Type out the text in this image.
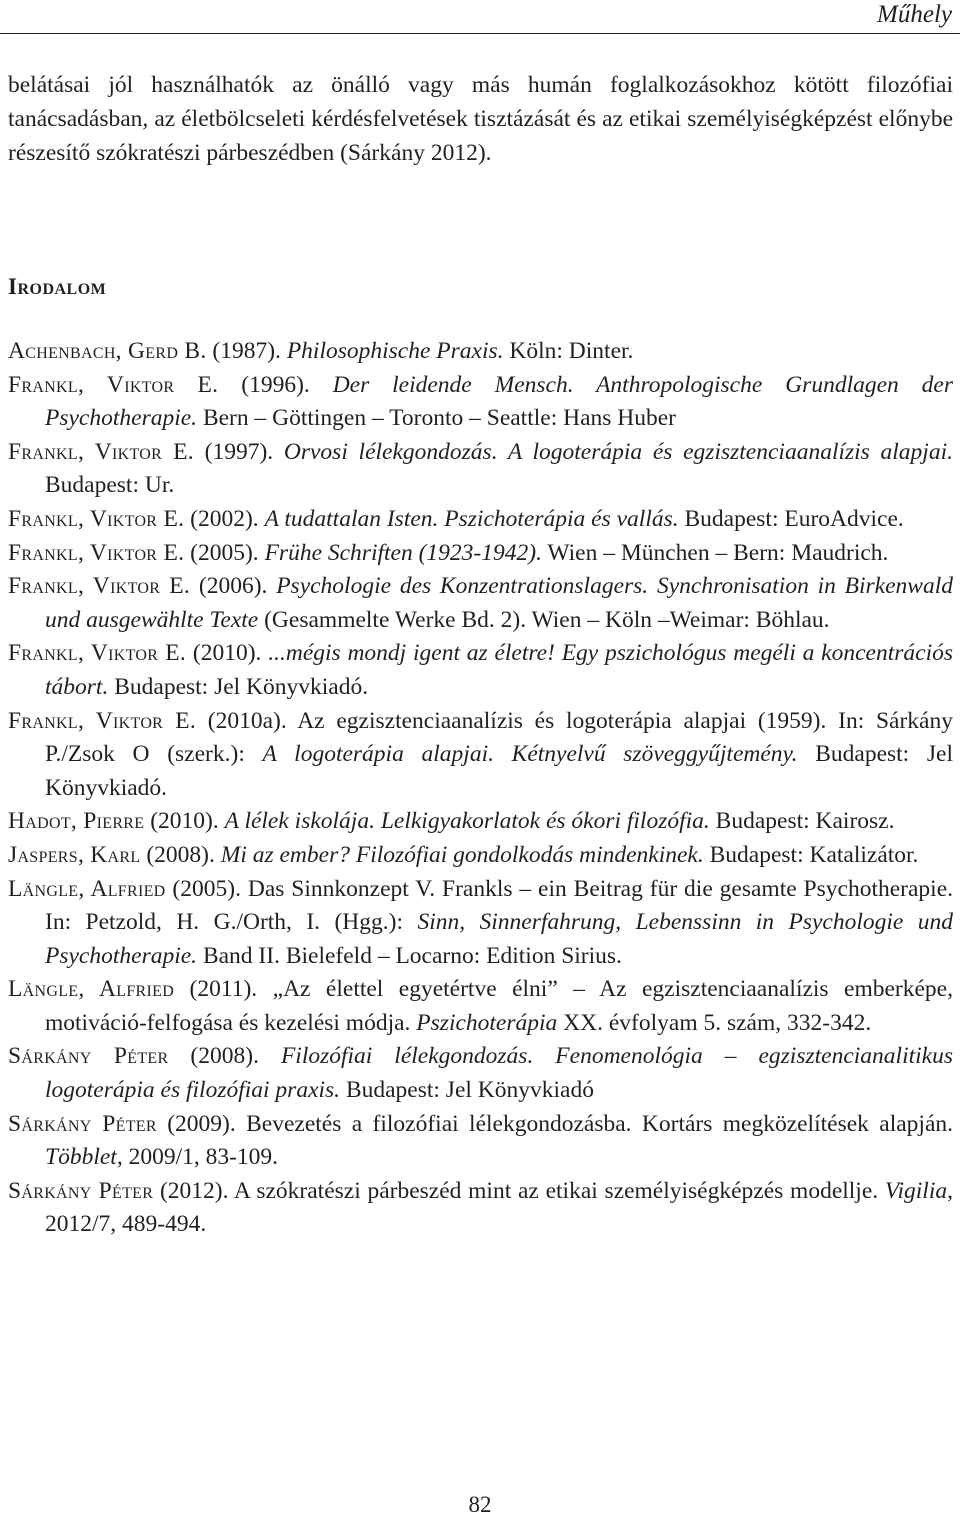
Műhely

belátásai jól használhatók az önálló vagy más humán foglalkozásokhoz kötött filozófiai tanácsadásban, az életbölcseleti kérdésfelvetések tisztázását és az etikai személyiségképzést előnybe részesítő szókratészi párbeszédben (Sárkány 2012).

Irodalom
Achenbach, Gerd B. (1987). Philosophische Praxis. Köln: Dinter.
Frankl, Viktor E. (1996). Der leidende Mensch. Anthropologische Grundlagen der Psychotherapie. Bern – Göttingen – Toronto – Seattle: Hans Huber
Frankl, Viktor E. (1997). Orvosi lélekgondozás. A logoterápia és egzisztenciaanalízis alapjai. Budapest: Ur.
Frankl, Viktor E. (2002). A tudattalan Isten. Pszichoterápia és vallás. Budapest: EuroAdvice.
Frankl, Viktor E. (2005). Frühe Schriften (1923-1942). Wien – München – Bern: Maudrich.
Frankl, Viktor E. (2006). Psychologie des Konzentrationslagers. Synchronisation in Birkenwald und ausgewählte Texte (Gesammelte Werke Bd. 2). Wien – Köln –Weimar: Böhlau.
Frankl, Viktor E. (2010). ...mégis mondj igent az életre! Egy pszichológus megéli a koncentrációs tábort. Budapest: Jel Könyvkiadó.
Frankl, Viktor E. (2010a). Az egzisztenciaanalízis és logoterápia alapjai (1959). In: Sárkány P./Zsok O (szerk.): A logoterápia alapjai. Kétnyelvű szöveggyűjtemény. Budapest: Jel Könyvkiadó.
Hadot, Pierre (2010). A lélek iskolája. Lelkigyakorlatok és ókori filozófia. Budapest: Kairosz.
Jaspers, Karl (2008). Mi az ember? Filozófiai gondolkodás mindenkinek. Budapest: Katalizátor.
Längle, Alfried (2005). Das Sinnkonzept V. Frankls – ein Beitrag für die gesamte Psychotherapie. In: Petzold, H. G./Orth, I. (Hgg.): Sinn, Sinnerfahrung, Lebenssinn in Psychologie und Psychotherapie. Band II. Bielefeld – Locarno: Edition Sirius.
Längle, Alfried (2011). „Az élettel egyetértve élni” – Az egzisztenciaanalízis emberképe, motiváció-felfogása és kezelési módja. Pszichoterápia XX. évfolyam 5. szám, 332-342.
Sárkány Péter (2008). Filozófiai lélekgondozás. Fenomenológia – egzisztencianalitikus logoterápia és filozófiai praxis. Budapest: Jel Könyvkiadó
Sárkány Péter (2009). Bevezetés a filozófiai lélekgondozásba. Kortárs megközelítések alapján. Többlet, 2009/1, 83-109.
Sárkány Péter (2012). A szókratészi párbeszéd mint az etikai személyiségképzés modellje. Vigilia, 2012/7, 489-494.
82
